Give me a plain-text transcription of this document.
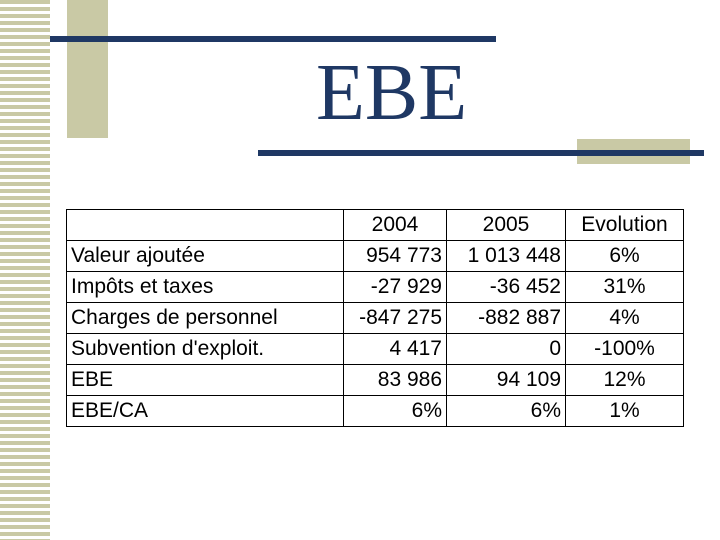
EBE
	2004	2005	Evolution
Valeur ajoutée	954 773	1 013 448	6%
Impôts et taxes	-27 929	-36 452	31%
Charges de personnel	-847 275	-882 887	4%
Subvention d'exploit.	4 417	0	-100%
EBE	83 986	94 109	12%
EBE/CA	6%	6%	1%
